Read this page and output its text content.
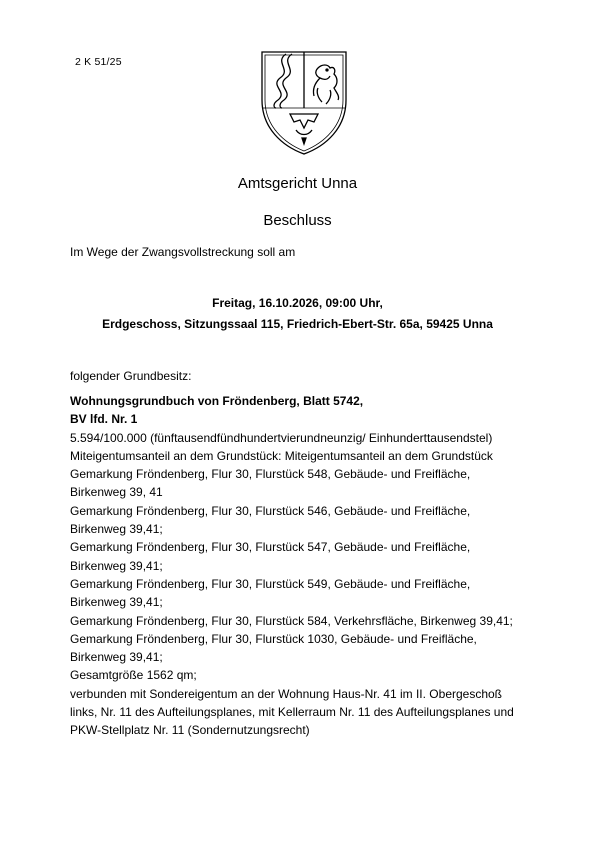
2 K 51/25
Amtsgericht Unna
Beschluss
Im Wege der Zwangsvollstreckung soll am
Freitag, 16.10.2026, 09:00 Uhr,
Erdgeschoss, Sitzungssaal 115, Friedrich-Ebert-Str. 65a, 59425 Unna
folgender Grundbesitz:
Wohnungsgrundbuch von Fröndenberg, Blatt 5742,
BV lfd. Nr. 1
5.594/100.000 (fünftausendfündhundertvierundneunzig/ Einhunderttausendstel)
Miteigentumsanteil an dem Grundstück: Miteigentumsanteil an dem Grundstück
Gemarkung Fröndenberg, Flur 30, Flurstück 548, Gebäude- und Freifläche,
Birkenweg 39, 41
Gemarkung Fröndenberg, Flur 30, Flurstück 546, Gebäude- und Freifläche,
Birkenweg 39,41;
Gemarkung Fröndenberg, Flur 30, Flurstück 547, Gebäude- und Freifläche,
Birkenweg 39,41;
Gemarkung Fröndenberg, Flur 30, Flurstück 549, Gebäude- und Freifläche,
Birkenweg 39,41;
Gemarkung Fröndenberg, Flur 30, Flurstück 584, Verkehrsfläche, Birkenweg 39,41;
Gemarkung Fröndenberg, Flur 30, Flurstück 1030, Gebäude- und Freifläche,
Birkenweg 39,41;
Gesamtgröße 1562 qm;
verbunden mit Sondereigentum an der Wohnung Haus-Nr. 41 im II. Obergeschoß
links, Nr. 11 des Aufteilungsplanes, mit Kellerraum Nr. 11 des Aufteilungsplanes und
PKW-Stellplatz Nr. 11 (Sondernutzungsrecht)
